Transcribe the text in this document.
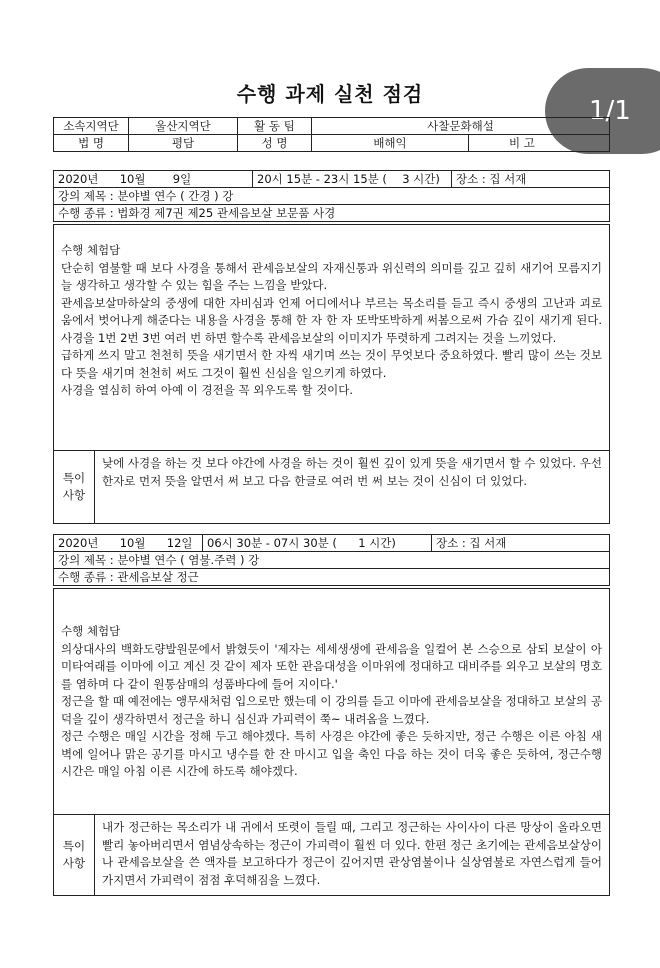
수행 과제 실천 점검
1/1
소속지역단	울산지역단	활 동 팀	사찰문화해설	
법 명	평담	성 명	배해익	비 고
2020년 10월 9일	20시 15분 - 23시 15분 ( 3 시간)	장소 : 집 서재
강의 제목 : 분야별 연수 ( 간경 ) 강
수행 종류 : 법화경 제7권 제25 관세음보살 보문품 사경

수행 체험담

단순히 염불할 때 보다 사경을 통해서 관세음보살의 자재신통과 위신력의 의미를 깊고 깊히 새기어 모름지기 늘 생각하고 생각할 수 있는 힘을 주는 느낌을 받았다.

관세음보살마하살의 중생에 대한 자비심과 언제 어디에서나 부르는 목소리를 듣고 즉시 중생의 고난과 괴로움에서 벗어나게 해준다는 내용을 사경을 통해 한 자 한 자 또박또박하게 써봄으로써 가슴 깊이 새기게 된다. 사경을 1번 2번 3번 여러 번 하면 할수록 관세음보살의 이미지가 뚜렷하게 그려지는 것을 느끼었다.

급하게 쓰지 말고 천천히 뜻을 새기면서 한 자씩 새기며 쓰는 것이 무엇보다 중요하였다. 빨리 많이 쓰는 것보다 뜻을 새기며 천천히 써도 그것이 훨씬 신심을 일으키게 하였다.

사경을 열심히 하여 아예 이 경전을 꼭 외우도록 할 것이다.

특이
사항
낮에 사경을 하는 것 보다 야간에 사경을 하는 것이 훨씬 깊이 있게 뜻을 새기면서 할 수 있었다. 우선 한자로 먼저 뜻을 알면서 써 보고 다음 한글로 여러 번 써 보는 것이 신심이 더 있었다.
2020년 10월 12일	06시 30분 - 07시 30분 ( 1 시간)	장소 : 집 서재
강의 제목 : 분야별 연수 ( 염불.주력 ) 강
수행 종류 : 관세음보살 정근

수행 체험담

의상대사의 백화도량발원문에서 밝혔듯이 '제자는 세세생생에 관세음을 일컬어 본 스승으로 삼되 보살이 아미타여래를 이마에 이고 계신 것 같이 제자 또한 관음대성을 이마위에 정대하고 대비주를 외우고 보살의 명호를 염하며 다 같이 원통삼매의 성품바다에 들어 지이다.'

정근을 할 때 예전에는 앵무새처럼 입으로만 했는데 이 강의를 듣고 이마에 관세음보살을 정대하고 보살의 공덕을 깊이 생각하면서 정근을 하니 심신과 가피력이 쭉~ 내려옴을 느꼈다.

정근 수행은 매일 시간을 정해 두고 해야겠다. 특히 사경은 야간에 좋은 듯하지만, 정근 수행은 이른 아침 새벽에 일어나 맑은 공기를 마시고 냉수를 한 잔 마시고 입을 축인 다음 하는 것이 더욱 좋은 듯하여, 정근수행 시간은 매일 아침 이른 시간에 하도록 해야겠다.

특이
사항
내가 정근하는 목소리가 내 귀에서 또렷이 들릴 때, 그리고 정근하는 사이사이 다른 망상이 올라오면 빨리 놓아버리면서 염념상속하는 정근이 가피력이 훨씬 더 있다. 한편 정근 초기에는 관세음보살상이나 관세음보살을 쓴 액자를 보고하다가 정근이 깊어지면 관상염불이나 실상염불로 자연스럽게 들어가지면서 가피력이 점점 후덕해짐을 느꼈다.
